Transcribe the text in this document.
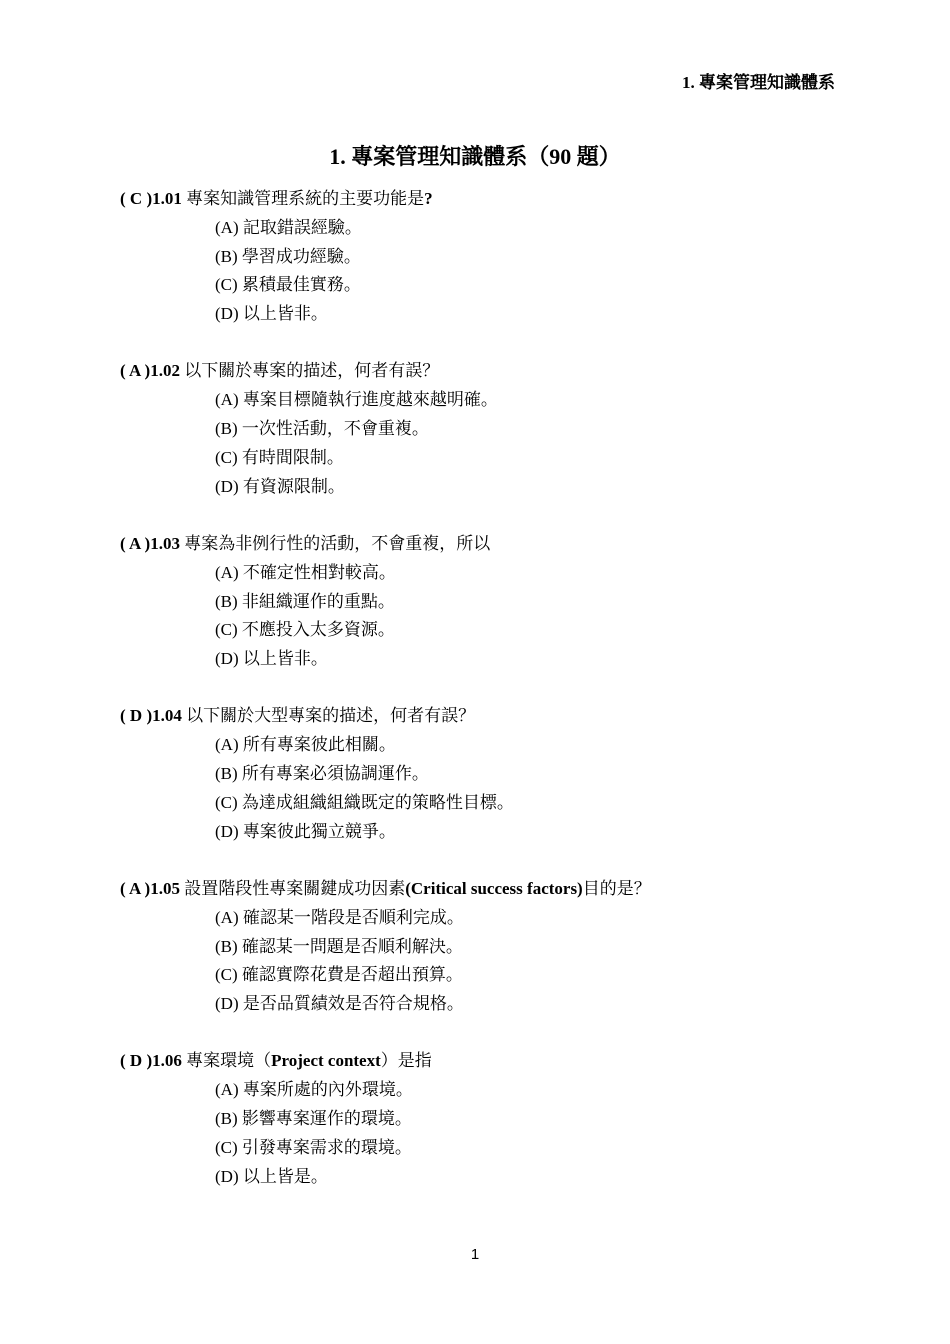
1. 專案管理知識體系
1. 專案管理知識體系（90 題）
( C )1.01 專案知識管理系統的主要功能是?
(A) 記取錯誤經驗。
(B) 學習成功經驗。
(C) 累積最佳實務。
(D) 以上皆非。
( A )1.02 以下關於專案的描述，何者有誤？
(A) 專案目標隨執行進度越來越明確。
(B) 一次性活動，不會重複。
(C) 有時間限制。
(D) 有資源限制。
( A )1.03 專案為非例行性的活動，不會重複，所以
(A) 不確定性相對較高。
(B) 非組織運作的重點。
(C) 不應投入太多資源。
(D) 以上皆非。
( D )1.04 以下關於大型專案的描述，何者有誤？
(A) 所有專案彼此相關。
(B) 所有專案必須協調運作。
(C) 為達成組織組織既定的策略性目標。
(D) 專案彼此獨立競爭。
( A )1.05 設置階段性專案關鍵成功因素(Critical success factors)目的是？
(A) 確認某一階段是否順利完成。
(B) 確認某一問題是否順利解決。
(C) 確認實際花費是否超出預算。
(D) 是否品質績效是否符合規格。
( D )1.06 專案環境（Project context）是指
(A) 專案所處的內外環境。
(B) 影響專案運作的環境。
(C) 引發專案需求的環境。
(D) 以上皆是。
1
